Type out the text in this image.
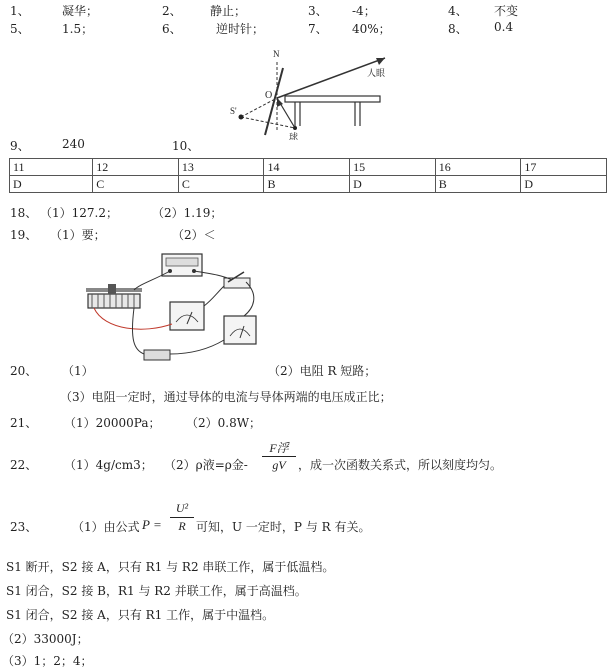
1、	凝华；	2、 静止；	3、 -4；	4、 不变
5、	1.5；	6、	逆时针；	7、 40%；	8、 0.4
N
O
S'
人眼
球
9、	240	10、
11	12	13	14	15	16	17
D	C	C	B	D	B	D
18、 （1）127.2；	（2）1.19；
19、 （1）要；	（2）＜
20、 （1）	（2）电阻 R 短路；
（3）电阻一定时，通过导体的电流与导体两端的电压成正比；
21、 （1）20000Pa； （2）0.8W；
22、 （1）4g/cm3； （2）ρ液=ρ金-
F浮
gV	，成一次函数关系式，所以刻度均匀。
23、	（1）由公式 $P = \frac{\text{U²}}{R}$ 可知，U 一定时，P 与 R 有关。
S1 断开，S2 接 A，只有 R1 与 R2 串联工作，属于低温档。
S1 闭合，S2 接 B，R1 与 R2 并联工作，属于高温档。
S1 闭合，S2 接 A，只有 R1 工作，属于中温档。
（2）33000J；
（3）1；2；4；
